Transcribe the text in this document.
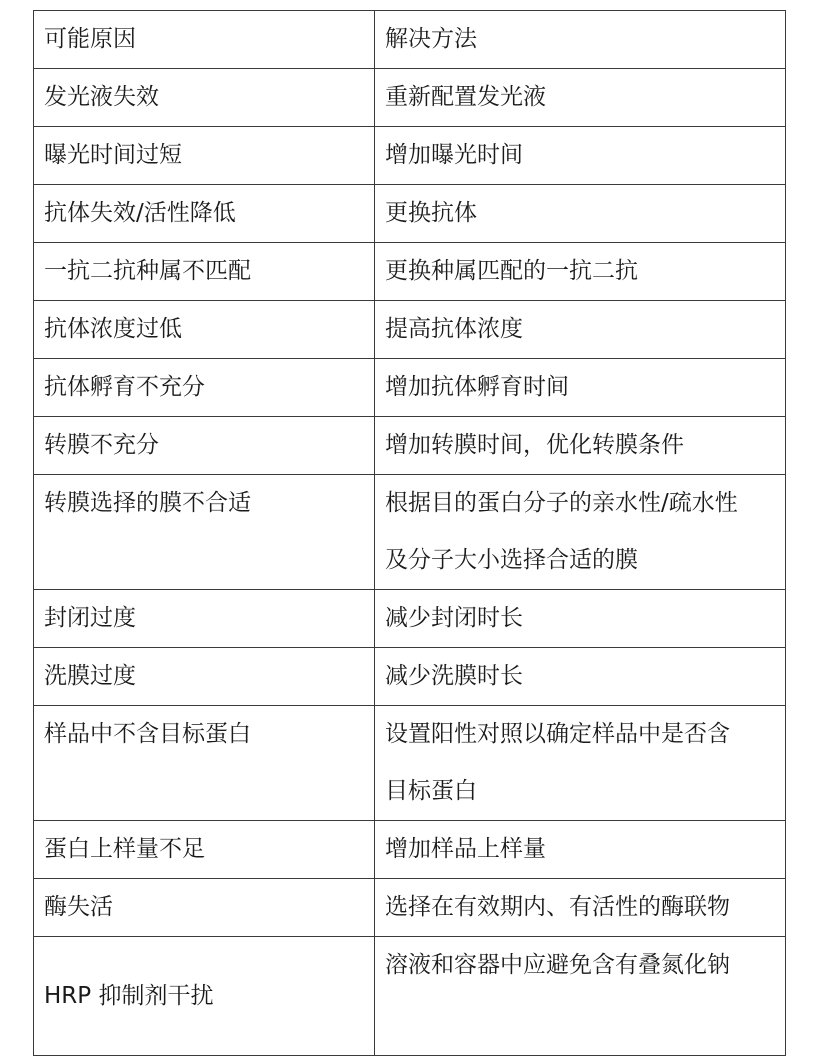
可能原因	解决方法
发光液失效	重新配置发光液
曝光时间过短	增加曝光时间
抗体失效/活性降低	更换抗体
一抗二抗种属不匹配	更换种属匹配的一抗二抗
抗体浓度过低	提高抗体浓度
抗体孵育不充分	增加抗体孵育时间
转膜不充分	增加转膜时间，优化转膜条件
转膜选择的膜不合适	根据目的蛋白分子的亲水性/疏水性
及分子大小选择合适的膜
封闭过度	减少封闭时长
洗膜过度	减少洗膜时长
样品中不含目标蛋白	设置阳性对照以确定样品中是否含
目标蛋白
蛋白上样量不足	增加样品上样量
酶失活	选择在有效期内、有活性的酶联物
HRP 抑制剂干扰	溶液和容器中应避免含有叠氮化钠
